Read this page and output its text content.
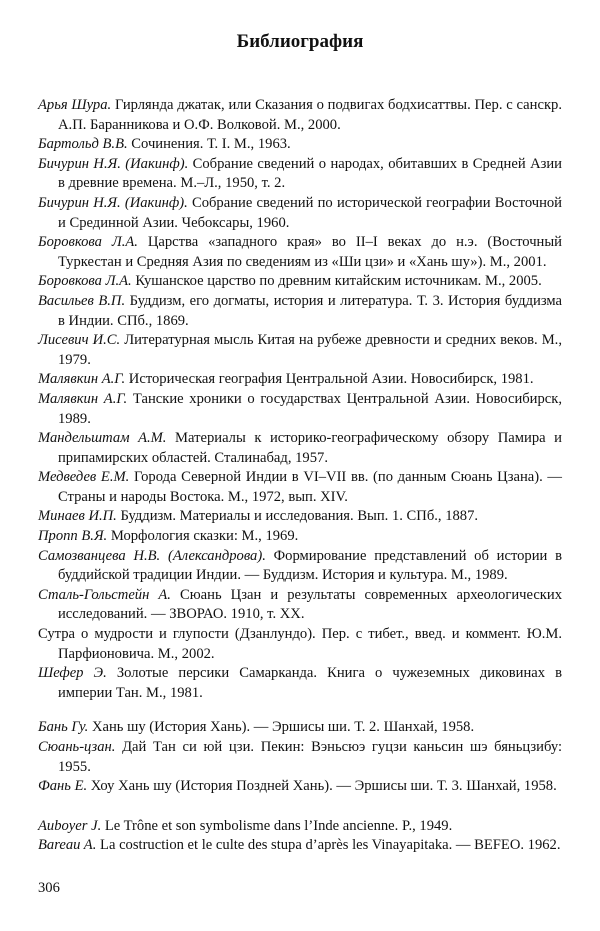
Библиография
Арья Шура. Гирлянда джатак, или Сказания о подвигах бодхисаттвы. Пер. с санскр. А.П. Баранникова и О.Ф. Волковой. М., 2000.
Бартольд В.В. Сочинения. Т. I. М., 1963.
Бичурин Н.Я. (Иакинф). Собрание сведений о народах, обитавших в Средней Азии в древние времена. М.–Л., 1950, т. 2.
Бичурин Н.Я. (Иакинф). Собрание сведений по исторической географии Восточной и Срединной Азии. Чебоксары, 1960.
Боровкова Л.А. Царства «западного края» во II–I веках до н.э. (Восточный Туркестан и Средняя Азия по сведениям из «Ши цзи» и «Хань шу»). М., 2001.
Боровкова Л.А. Кушанское царство по древним китайским источникам. М., 2005.
Васильев В.П. Буддизм, его догматы, история и литература. Т. 3. История буддизма в Индии. СПб., 1869.
Лисевич И.С. Литературная мысль Китая на рубеже древности и средних веков. М., 1979.
Малявкин А.Г. Историческая география Центральной Азии. Новосибирск, 1981.
Малявкин А.Г. Танские хроники о государствах Центральной Азии. Новосибирск, 1989.
Мандельштам А.М. Материалы к историко-географическому обзору Памира и припамирских областей. Сталинабад, 1957.
Медведев Е.М. Города Северной Индии в VI–VII вв. (по данным Сюань Цзана). — Страны и народы Востока. М., 1972, вып. XIV.
Минаев И.П. Буддизм. Материалы и исследования. Вып. 1. СПб., 1887.
Пропп В.Я. Морфология сказки: М., 1969.
Самозванцева Н.В. (Александрова). Формирование представлений об истории в буддийской традиции Индии. — Буддизм. История и культура. М., 1989.
Сталь-Гольстейн А. Сюань Цзан и результаты современных археологических исследований. — ЗВОРАО. 1910, т. XX.
Сутра о мудрости и глупости (Дзанлундо). Пер. с тибет., введ. и коммент. Ю.М. Парфионовича. М., 2002.
Шефер Э. Золотые персики Самарканда. Книга о чужеземных диковинах в империи Тан. М., 1981.
Бань Гу. Хань шу (История Хань). — Эршисы ши. Т. 2. Шанхай, 1958.
Сюань-цзан. Дай Тан си юй цзи. Пекин: Вэньсюэ гуцзи каньсин шэ бяньцзибу: 1955.
Фань Е. Хоу Хань шу (История Поздней Хань). — Эршисы ши. Т. 3. Шанхай, 1958.
Auboyer J. Le Trône et son symbolisme dans l’Inde ancienne. P., 1949.
Bareau A. La costruction et le culte des stupa d’après les Vinayapitaka. — BEFEO. 1962.
306
